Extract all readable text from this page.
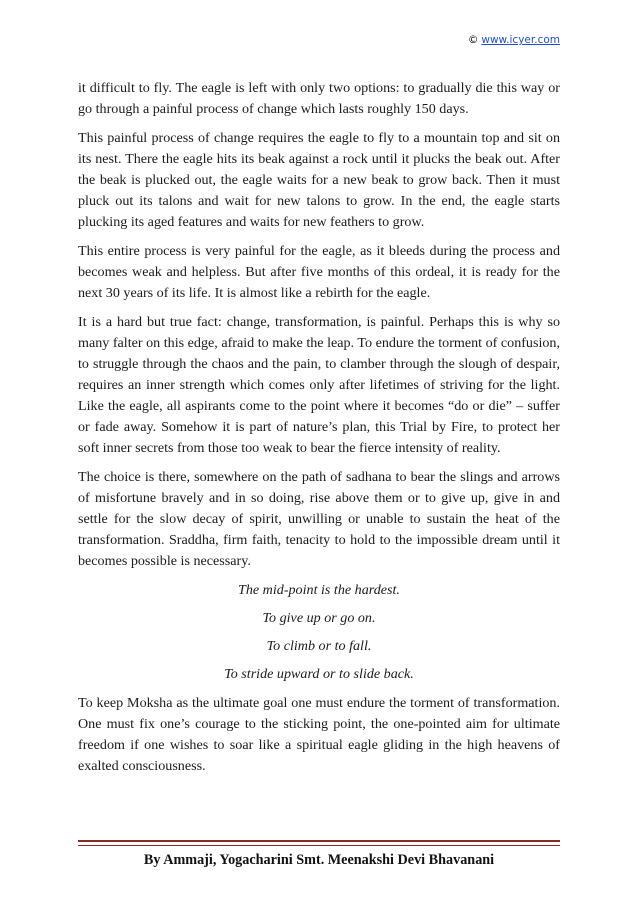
© www.icyer.com

it difficult to fly. The eagle is left with only two options: to gradually die this way or go through a painful process of change which lasts roughly 150 days.

This painful process of change requires the eagle to fly to a mountain top and sit on its nest. There the eagle hits its beak against a rock until it plucks the beak out. After the beak is plucked out, the eagle waits for a new beak to grow back. Then it must pluck out its talons and wait for new talons to grow. In the end, the eagle starts plucking its aged features and waits for new feathers to grow.

This entire process is very painful for the eagle, as it bleeds during the process and becomes weak and helpless. But after five months of this ordeal, it is ready for the next 30 years of its life. It is almost like a rebirth for the eagle.

It is a hard but true fact: change, transformation, is painful. Perhaps this is why so many falter on this edge, afraid to make the leap. To endure the torment of confusion, to struggle through the chaos and the pain, to clamber through the slough of despair, requires an inner strength which comes only after lifetimes of striving for the light. Like the eagle, all aspirants come to the point where it becomes “do or die” – suffer or fade away. Somehow it is part of nature’s plan, this Trial by Fire, to protect her soft inner secrets from those too weak to bear the fierce intensity of reality.

The choice is there, somewhere on the path of sadhana to bear the slings and arrows of misfortune bravely and in so doing, rise above them or to give up, give in and settle for the slow decay of spirit, unwilling or unable to sustain the heat of the transformation. Sraddha, firm faith, tenacity to hold to the impossible dream until it becomes possible is necessary.

The mid-point is the hardest.
To give up or go on.
To climb or to fall.
To stride upward or to slide back.

To keep Moksha as the ultimate goal one must endure the torment of transformation. One must fix one’s courage to the sticking point, the one-pointed aim for ultimate freedom if one wishes to soar like a spiritual eagle gliding in the high heavens of exalted consciousness.

By Ammaji, Yogacharini Smt. Meenakshi Devi Bhavanani
